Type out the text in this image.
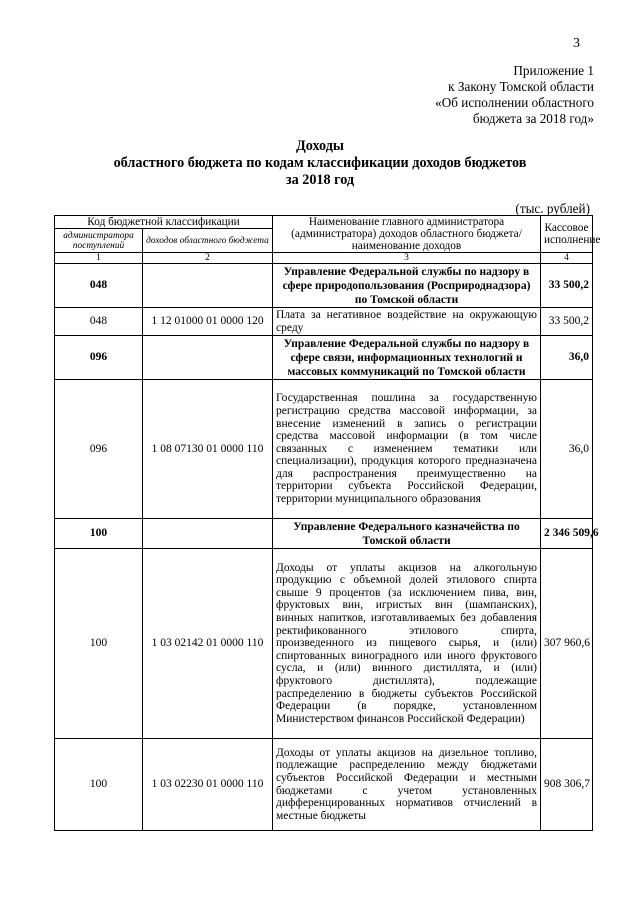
3
Приложение 1
к Закону Томской области
«Об исполнении областного
бюджета за 2018 год»
Доходы
областного бюджета по кодам классификации доходов бюджетов
за 2018 год
(тыс. рублей)
Код бюджетной классификации		Наименование главного администратора (администратора) доходов областного бюджета/ наименование доходов	Кассовое исполнение
администратора поступлений	доходов областного бюджета		
1	2	3	4
048		Управление Федеральной службы по надзору в сфере природопользования (Росприроднадзора) по Томской области	33 500,2
048	1 12 01000 01 0000 120	Плата за негативное воздействие на окружающую среду	33 500,2
096		Управление Федеральной службы по надзору в сфере связи, информационных технологий и массовых коммуникаций по Томской области	36,0
096	1 08 07130 01 0000 110	Государственная пошлина за государственную регистрацию средства массовой информации, за внесение изменений в запись о регистрации средства массовой информации (в том числе связанных с изменением тематики или специализации), продукция которого предназначена для распространения преимущественно на территории субъекта Российской Федерации, территории муниципального образования	36,0
100		Управление Федерального казначейства по Томской области	2 346 509,6
100	1 03 02142 01 0000 110	Доходы от уплаты акцизов на алкогольную продукцию с объемной долей этилового спирта свыше 9 процентов (за исключением пива, вин, фруктовых вин, игристых вин (шампанских), винных напитков, изготавливаемых без добавления ректификованного этилового спирта, произведенного из пищевого сырья, и (или) спиртованных виноградного или иного фруктового сусла, и (или) винного дистиллята, и (или) фруктового дистиллята), подлежащие распределению в бюджеты субъектов Российской Федерации (в порядке, установленном Министерством финансов Российской Федерации)	307 960,6
100	1 03 02230 01 0000 110	Доходы от уплаты акцизов на дизельное топливо, подлежащие распределению между бюджетами субъектов Российской Федерации и местными бюджетами с учетом установленных дифференцированных нормативов отчислений в местные бюджеты	908 306,7
